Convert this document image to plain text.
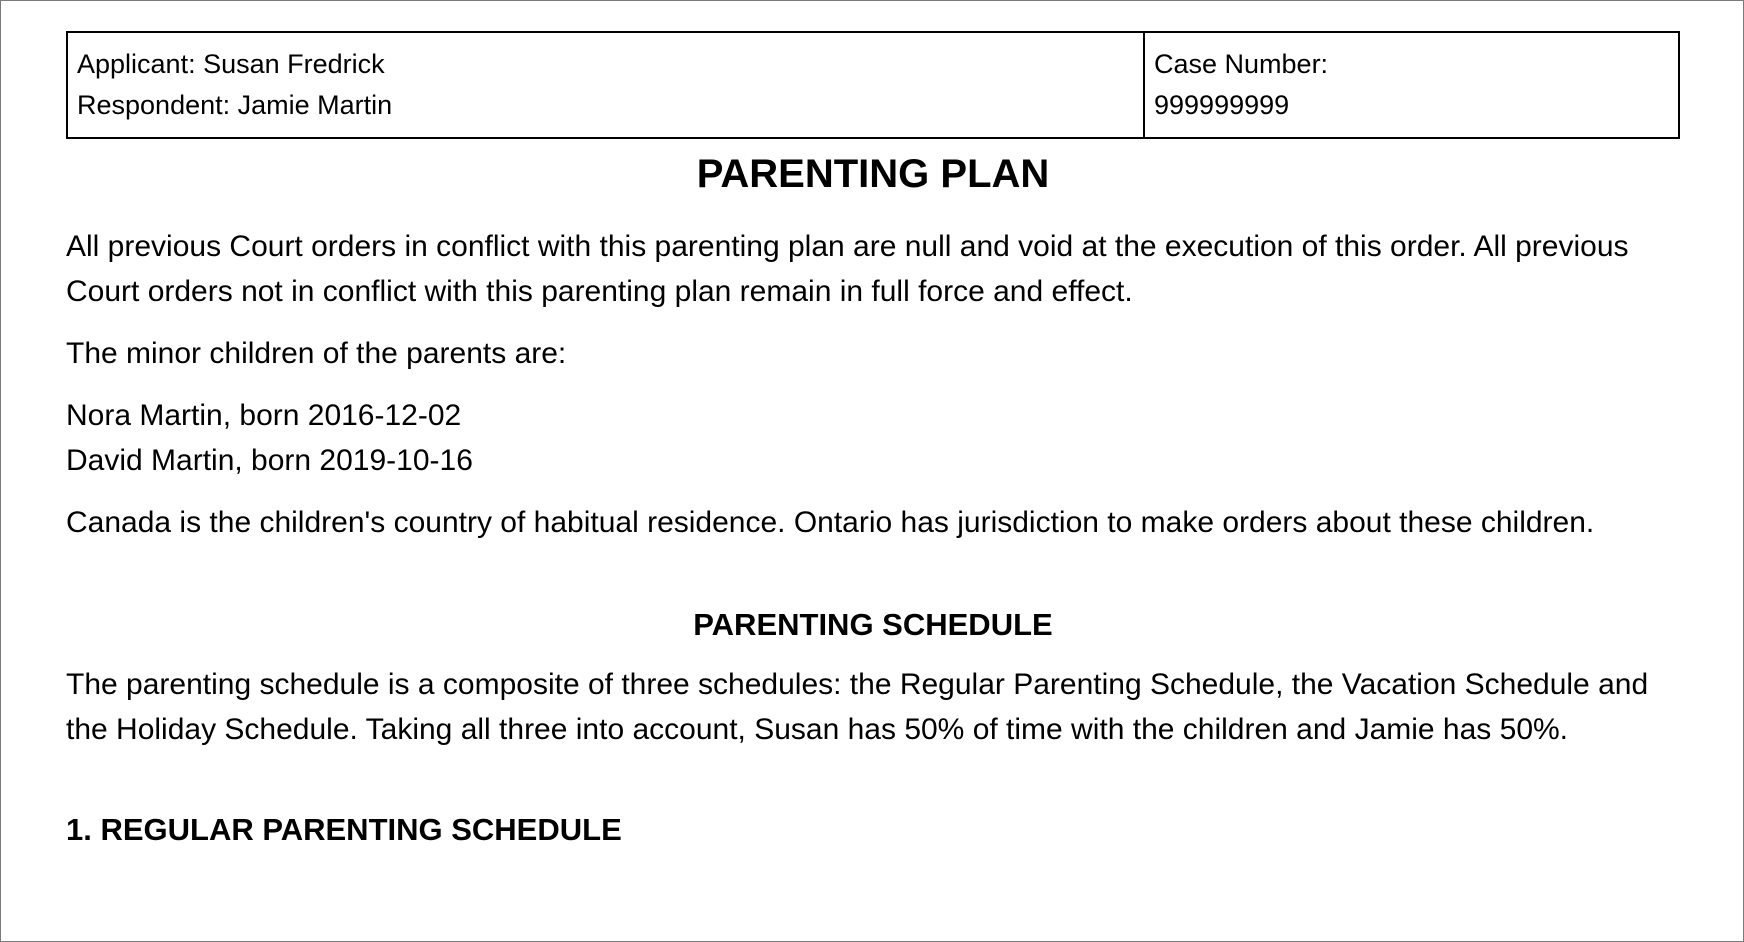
Applicant: Susan Fredrick
Respondent: Jamie Martin

Case Number:
999999999
PARENTING PLAN

All previous Court orders in conflict with this parenting plan are null and void at the execution of this order. All previous Court orders not in conflict with this parenting plan remain in full force and effect.

The minor children of the parents are:

Nora Martin, born 2016-12-02

David Martin, born 2019-10-16

Canada is the children's country of habitual residence. Ontario has jurisdiction to make orders about these children.

PARENTING SCHEDULE

The parenting schedule is a composite of three schedules: the Regular Parenting Schedule, the Vacation Schedule and the Holiday Schedule. Taking all three into account, Susan has 50% of time with the children and Jamie has 50%.

1. REGULAR PARENTING SCHEDULE
